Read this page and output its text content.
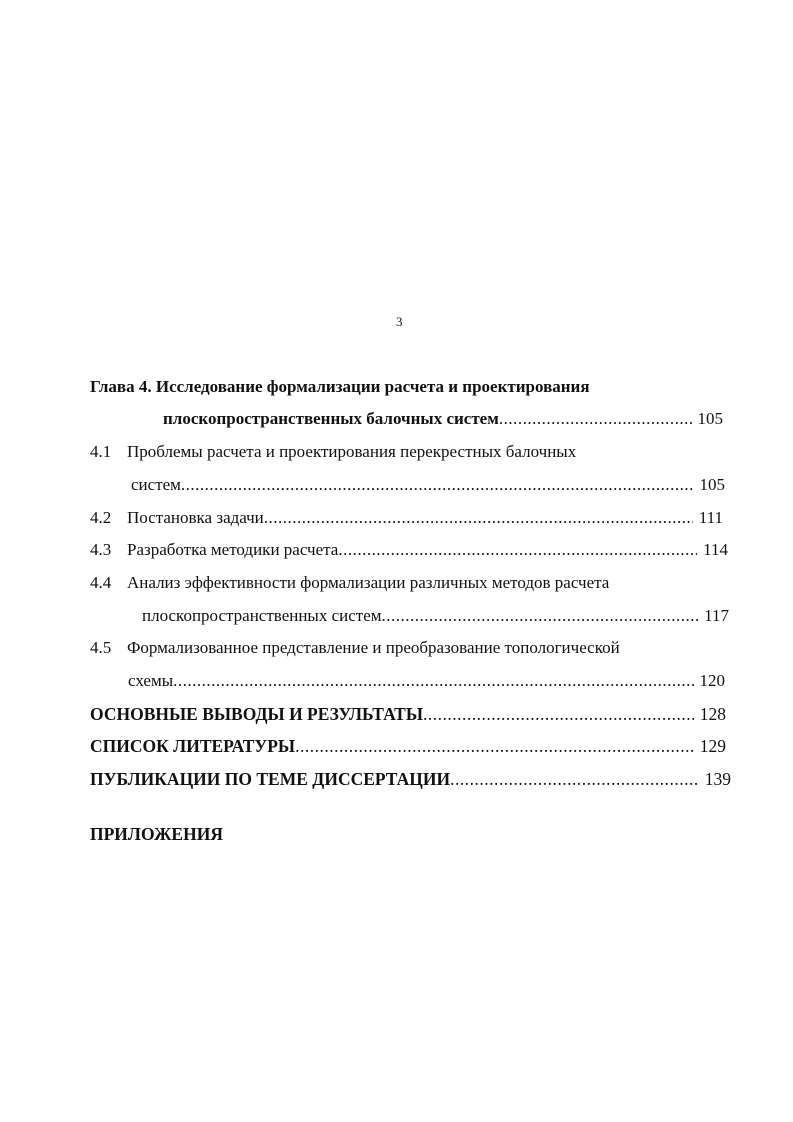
3
Глава 4. Исследование формализации расчета и проектирования
плоскопространственных балочных систем .....	105
4.1 Проблемы расчета и проектирования перекрестных балочных
систем .....	105
4.2 Постановка задачи .....	111
4.3 Разработка методики расчета .....	114
4.4 Анализ эффективности формализации различных методов расчета
плоскопространственных систем .....	117
4.5 Формализованное представление и преобразование топологической
схемы .....	120
ОСНОВНЫЕ ВЫВОДЫ И РЕЗУЛЬТАТЫ .....	128
СПИСОК ЛИТЕРАТУРЫ .....	129
ПУБЛИКАЦИИ ПО ТЕМЕ ДИССЕРТАЦИИ .....	139
ПРИЛОЖЕНИЯ
